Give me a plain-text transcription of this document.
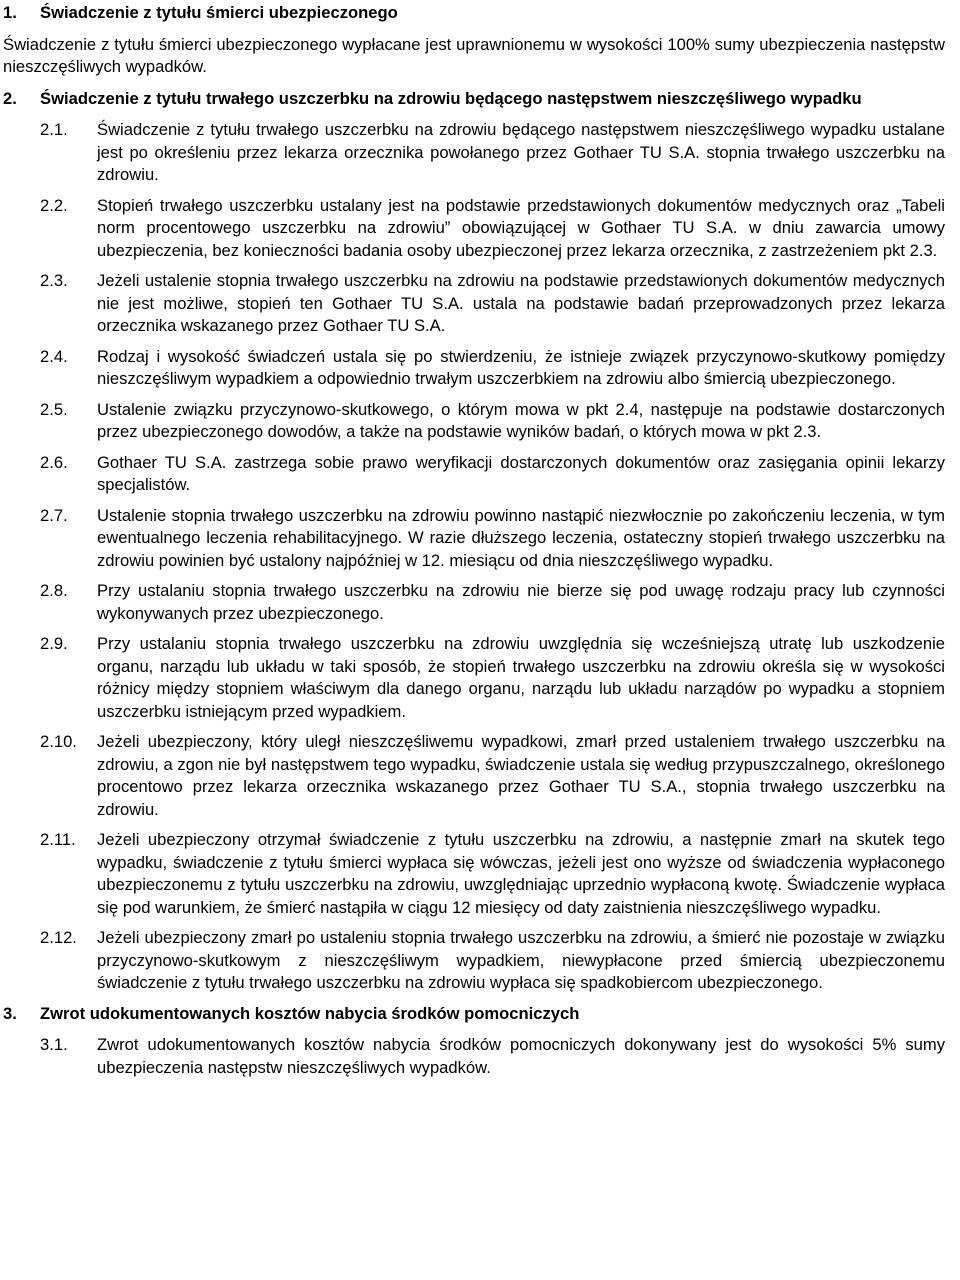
1.	Świadczenie z tytułu śmierci ubezpieczonego
Świadczenie z tytułu śmierci ubezpieczonego wypłacane jest uprawnionemu w wysokości 100% sumy ubezpieczenia następstw nieszczęśliwych wypadków.
2.	Świadczenie z tytułu trwałego uszczerbku na zdrowiu będącego następstwem nieszczęśliwego wypadku
2.1.	Świadczenie z tytułu trwałego uszczerbku na zdrowiu będącego następstwem nieszczęśliwego wypadku ustalane jest po określeniu przez lekarza orzecznika powołanego przez Gothaer TU S.A. stopnia trwałego uszczerbku na zdrowiu.
2.2.	Stopień trwałego uszczerbku ustalany jest na podstawie przedstawionych dokumentów medycznych oraz „Tabeli norm procentowego uszczerbku na zdrowiu” obowiązującej w Gothaer TU S.A. w dniu zawarcia umowy ubezpieczenia, bez konieczności badania osoby ubezpieczonej przez lekarza orzecznika, z zastrzeżeniem pkt 2.3.
2.3.	Jeżeli ustalenie stopnia trwałego uszczerbku na zdrowiu na podstawie przedstawionych dokumentów medycznych nie jest możliwe, stopień ten Gothaer TU S.A. ustala na podstawie badań przeprowadzonych przez lekarza orzecznika wskazanego przez Gothaer TU S.A.
2.4.	Rodzaj i wysokość świadczeń ustala się po stwierdzeniu, że istnieje związek przyczynowo-skutkowy pomiędzy nieszczęśliwym wypadkiem a odpowiednio trwałym uszczerbkiem na zdrowiu albo śmiercią ubezpieczonego.
2.5.	Ustalenie związku przyczynowo-skutkowego, o którym mowa w pkt 2.4, następuje na podstawie dostarczonych przez ubezpieczonego dowodów, a także na podstawie wyników badań, o których mowa w pkt 2.3.
2.6.	Gothaer TU S.A. zastrzega sobie prawo weryfikacji dostarczonych dokumentów oraz zasięgania opinii lekarzy specjalistów.
2.7.	Ustalenie stopnia trwałego uszczerbku na zdrowiu powinno nastąpić niezwłocznie po zakończeniu leczenia, w tym ewentualnego leczenia rehabilitacyjnego. W razie dłuższego leczenia, ostateczny stopień trwałego uszczerbku na zdrowiu powinien być ustalony najpóźniej w 12. miesiącu od dnia nieszczęśliwego wypadku.
2.8.	Przy ustalaniu stopnia trwałego uszczerbku na zdrowiu nie bierze się pod uwagę rodzaju pracy lub czynności wykonywanych przez ubezpieczonego.
2.9.	Przy ustalaniu stopnia trwałego uszczerbku na zdrowiu uwzględnia się wcześniejszą utratę lub uszkodzenie organu, narządu lub układu w taki sposób, że stopień trwałego uszczerbku na zdrowiu określa się w wysokości różnicy między stopniem właściwym dla danego organu, narządu lub układu narządów po wypadku a stopniem uszczerbku istniejącym przed wypadkiem.
2.10.	Jeżeli ubezpieczony, który uległ nieszczęśliwemu wypadkowi, zmarł przed ustaleniem trwałego uszczerbku na zdrowiu, a zgon nie był następstwem tego wypadku, świadczenie ustala się według przypuszczalnego, określonego procentowo przez lekarza orzecznika wskazanego przez Gothaer TU S.A., stopnia trwałego uszczerbku na zdrowiu.
2.11.	Jeżeli ubezpieczony otrzymał świadczenie z tytułu uszczerbku na zdrowiu, a następnie zmarł na skutek tego wypadku, świadczenie z tytułu śmierci wypłaca się wówczas, jeżeli jest ono wyższe od świadczenia wypłaconego ubezpieczonemu z tytułu uszczerbku na zdrowiu, uwzględniając uprzednio wypłaconą kwotę. Świadczenie wypłaca się pod warunkiem, że śmierć nastąpiła w ciągu 12 miesięcy od daty zaistnienia nieszczęśliwego wypadku.
2.12.	Jeżeli ubezpieczony zmarł po ustaleniu stopnia trwałego uszczerbku na zdrowiu, a śmierć nie pozostaje w związku przyczynowo-skutkowym z nieszczęśliwym wypadkiem, niewypłacone przed śmiercią ubezpieczonemu świadczenie z tytułu trwałego uszczerbku na zdrowiu wypłaca się spadkobiercom ubezpieczonego.
3.	Zwrot udokumentowanych kosztów nabycia środków pomocniczych
3.1.	Zwrot udokumentowanych kosztów nabycia środków pomocniczych dokonywany jest do wysokości 5% sumy ubezpieczenia następstw nieszczęśliwych wypadków.
